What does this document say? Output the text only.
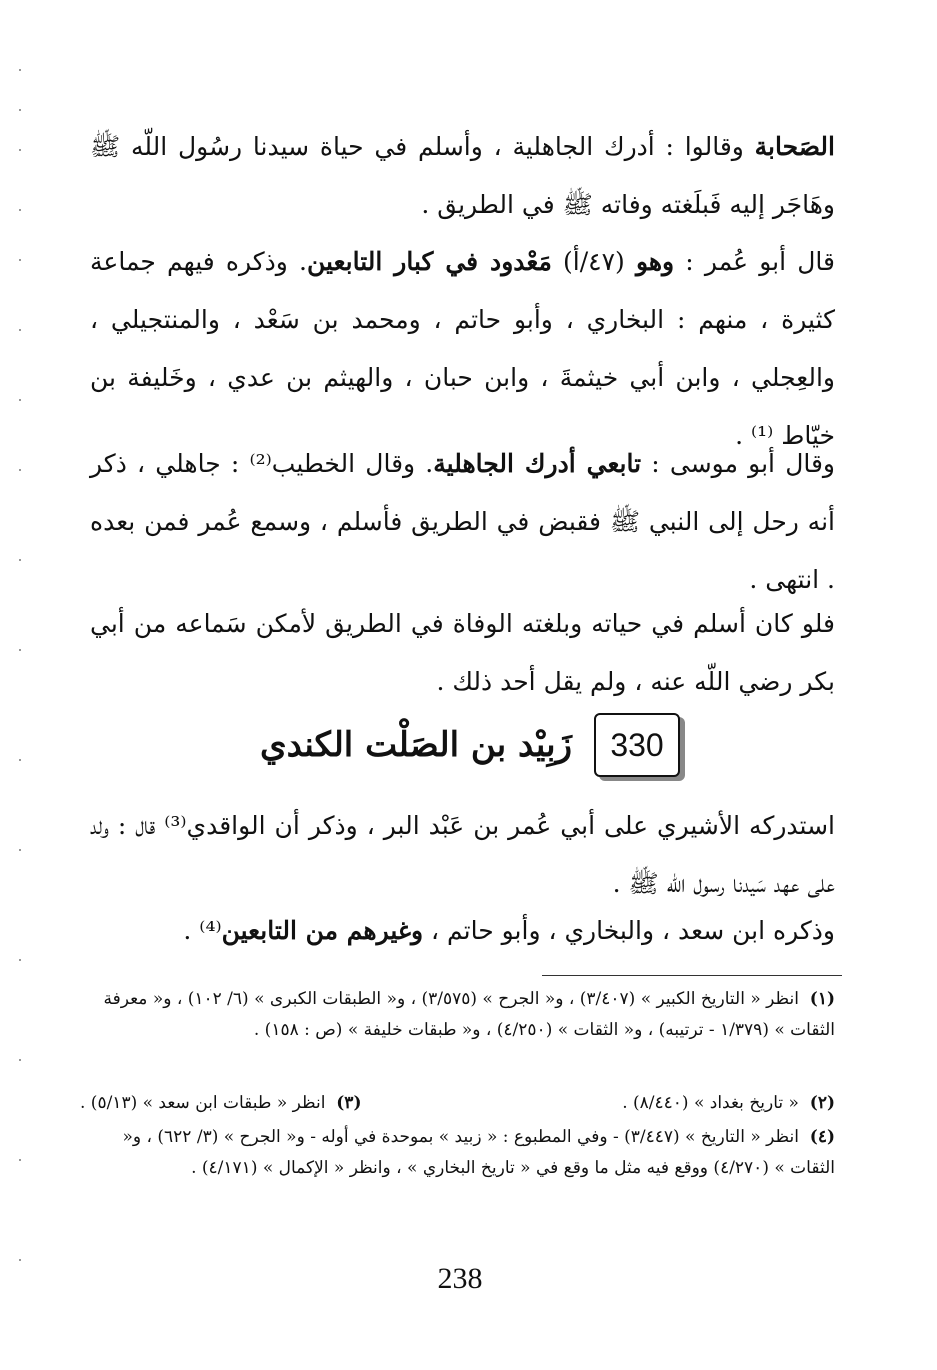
الصَحابة وقالوا : أدرك الجاهلية ، وأسلم في حياة سيدنا رسُول اللّه ﷺ وهَاجَر إليه فَبلَغته وفاته ﷺ في الطريق .

قال أبو عُمر : وهو (٤٧/أ) مَعْدود في كبار التابعين. وذكره فيهم جماعة كثيرة ، منهم : البخاري ، وأبو حاتم ، ومحمد بن سَعْد ، والمنتجيلي ، والعِجلي ، وابن أبي خيثمةَ ، وابن حبان ، والهيثم بن عدي ، وخَليفة بن خيّاط ⁽¹⁾ .

وقال أبو موسى : تابعي أدرك الجاهلية. وقال الخطيب⁽²⁾ : جاهلي ، ذكر أنه رحل إلى النبي ﷺ فقبض في الطريق فأسلم ، وسمع عُمر فمن بعده . انتهى .

فلو كان أسلم في حياته وبلغته الوفاة في الطريق لأمكن سَماعه من أبي بكر رضي اللّه عنه ، ولم يقل أحد ذلك .

330
زَبِيْد بن الصَلْت الكندي

استدركه الأشيري على أبي عُمر بن عَبْد البر ، وذكر أن الواقدي⁽³⁾ قال : ولد على عهد سَيدنا رسول اللّه ﷺ .

وذكره ابن سعد ، والبخاري ، وأبو حاتم ، وغيرهم من التابعين⁽⁴⁾ .

(١)  انظر « التاريخ الكبير » (٣/٤٠٧) ، و« الجرح » (٣/٥٧٥) ، و« الطبقات الكبرى » (٦/ ١٠٢) ، و« معرفة الثقات » (١/٣٧٩ - ترتيبه) ، و« الثقات » (٤/٢٥٠) ، و« طبقات خليفة » (ص : ١٥٨) .

(٢)  « تاريخ بغداد » (٨/٤٤٠) .
(٣)  انظر « طبقات ابن سعد » (٥/١٣) .

(٤)  انظر « التاريخ » (٣/٤٤٧) - وفي المطبوع : « زبيد » بموحدة في أوله - و« الجرح » (٣/ ٦٢٢) ، و« الثقات » (٤/٢٧٠) ووقع فيه مثل ما وقع في « تاريخ البخاري » ، وانظر « الإكمال » (٤/١٧١) .

238
